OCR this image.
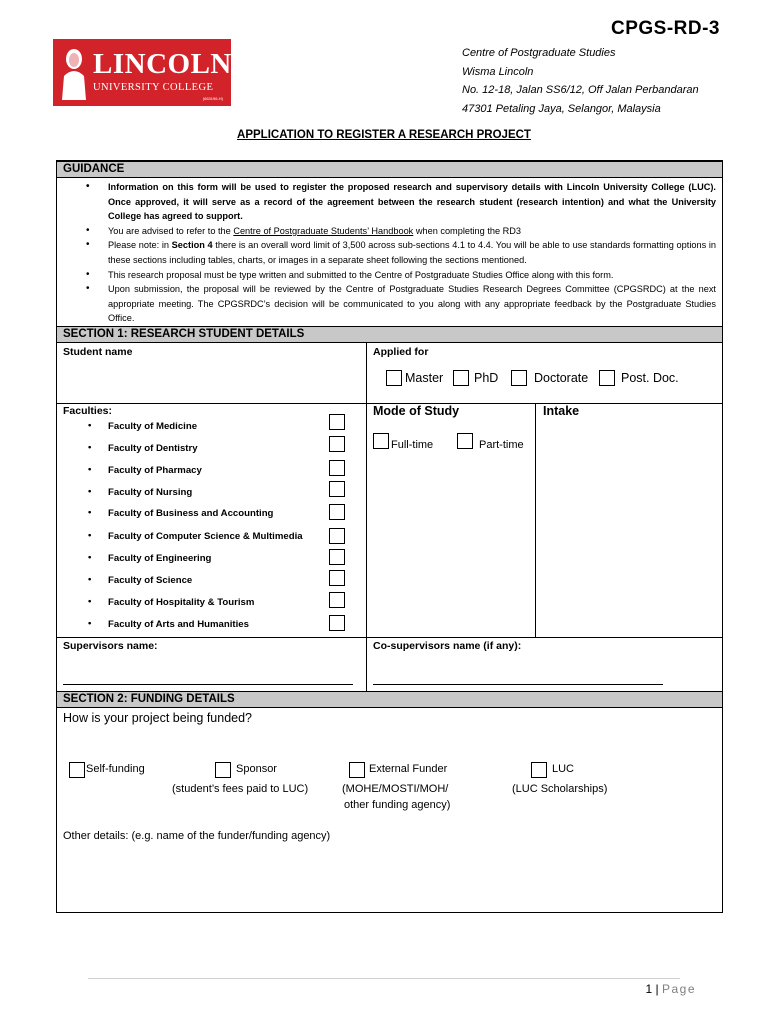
CPGS-RD-3
LINCOLN
UNIVERSITY COLLEGE
(663196-H)
Centre of Postgraduate Studies
Wisma Lincoln
No. 12-18, Jalan SS6/12, Off Jalan Perbandaran
47301 Petaling Jaya, Selangor, Malaysia
APPLICATION TO REGISTER A RESEARCH PROJECT
GUIDANCE
• Information on this form will be used to register the proposed research and supervisory details with Lincoln University College (LUC). Once approved, it will serve as a record of the agreement between the research student (research intention) and what the University College has agreed to support.
• You are advised to refer to the Centre of Postgraduate Students’ Handbook when completing the RD3
• Please note: in Section 4 there is an overall word limit of 3,500 across sub-sections 4.1 to 4.4. You will be able to use standards formatting options in these sections including tables, charts, or images in a separate sheet following the sections mentioned.
• This research proposal must be type written and submitted to the Centre of Postgraduate Studies Office along with this form.
• Upon submission, the proposal will be reviewed by the Centre of Postgraduate Studies Research Degrees Committee (CPGSRDC) at the next appropriate meeting. The CPGSRDC’s decision will be communicated to you along with any appropriate feedback by the Postgraduate Studies Office.
SECTION 1: RESEARCH STUDENT DETAILS
Student name	Applied for
Master PhD	Doctorate	Post. Doc.
Faculties:
• Faculty of Medicine
• Faculty of Dentistry
• Faculty of Pharmacy
• Faculty of Nursing
• Faculty of Business and Accounting
• Faculty of Computer Science & Multimedia
• Faculty of Engineering
• Faculty of Science
• Faculty of Hospitality & Tourism
• Faculty of Arts and Humanities
Mode of Study
Full-time	Part-time
Intake
Supervisors name:	Co-supervisors name (if any):
SECTION 2: FUNDING DETAILS
How is your project being funded?
Self-funding	Sponsor	External Funder	LUC
(student’s fees paid to LUC)	(MOHE/MOSTI/MOH/
other funding agency)
(LUC Scholarships)
Other details: (e.g. name of the funder/funding agency)
1 | Page
